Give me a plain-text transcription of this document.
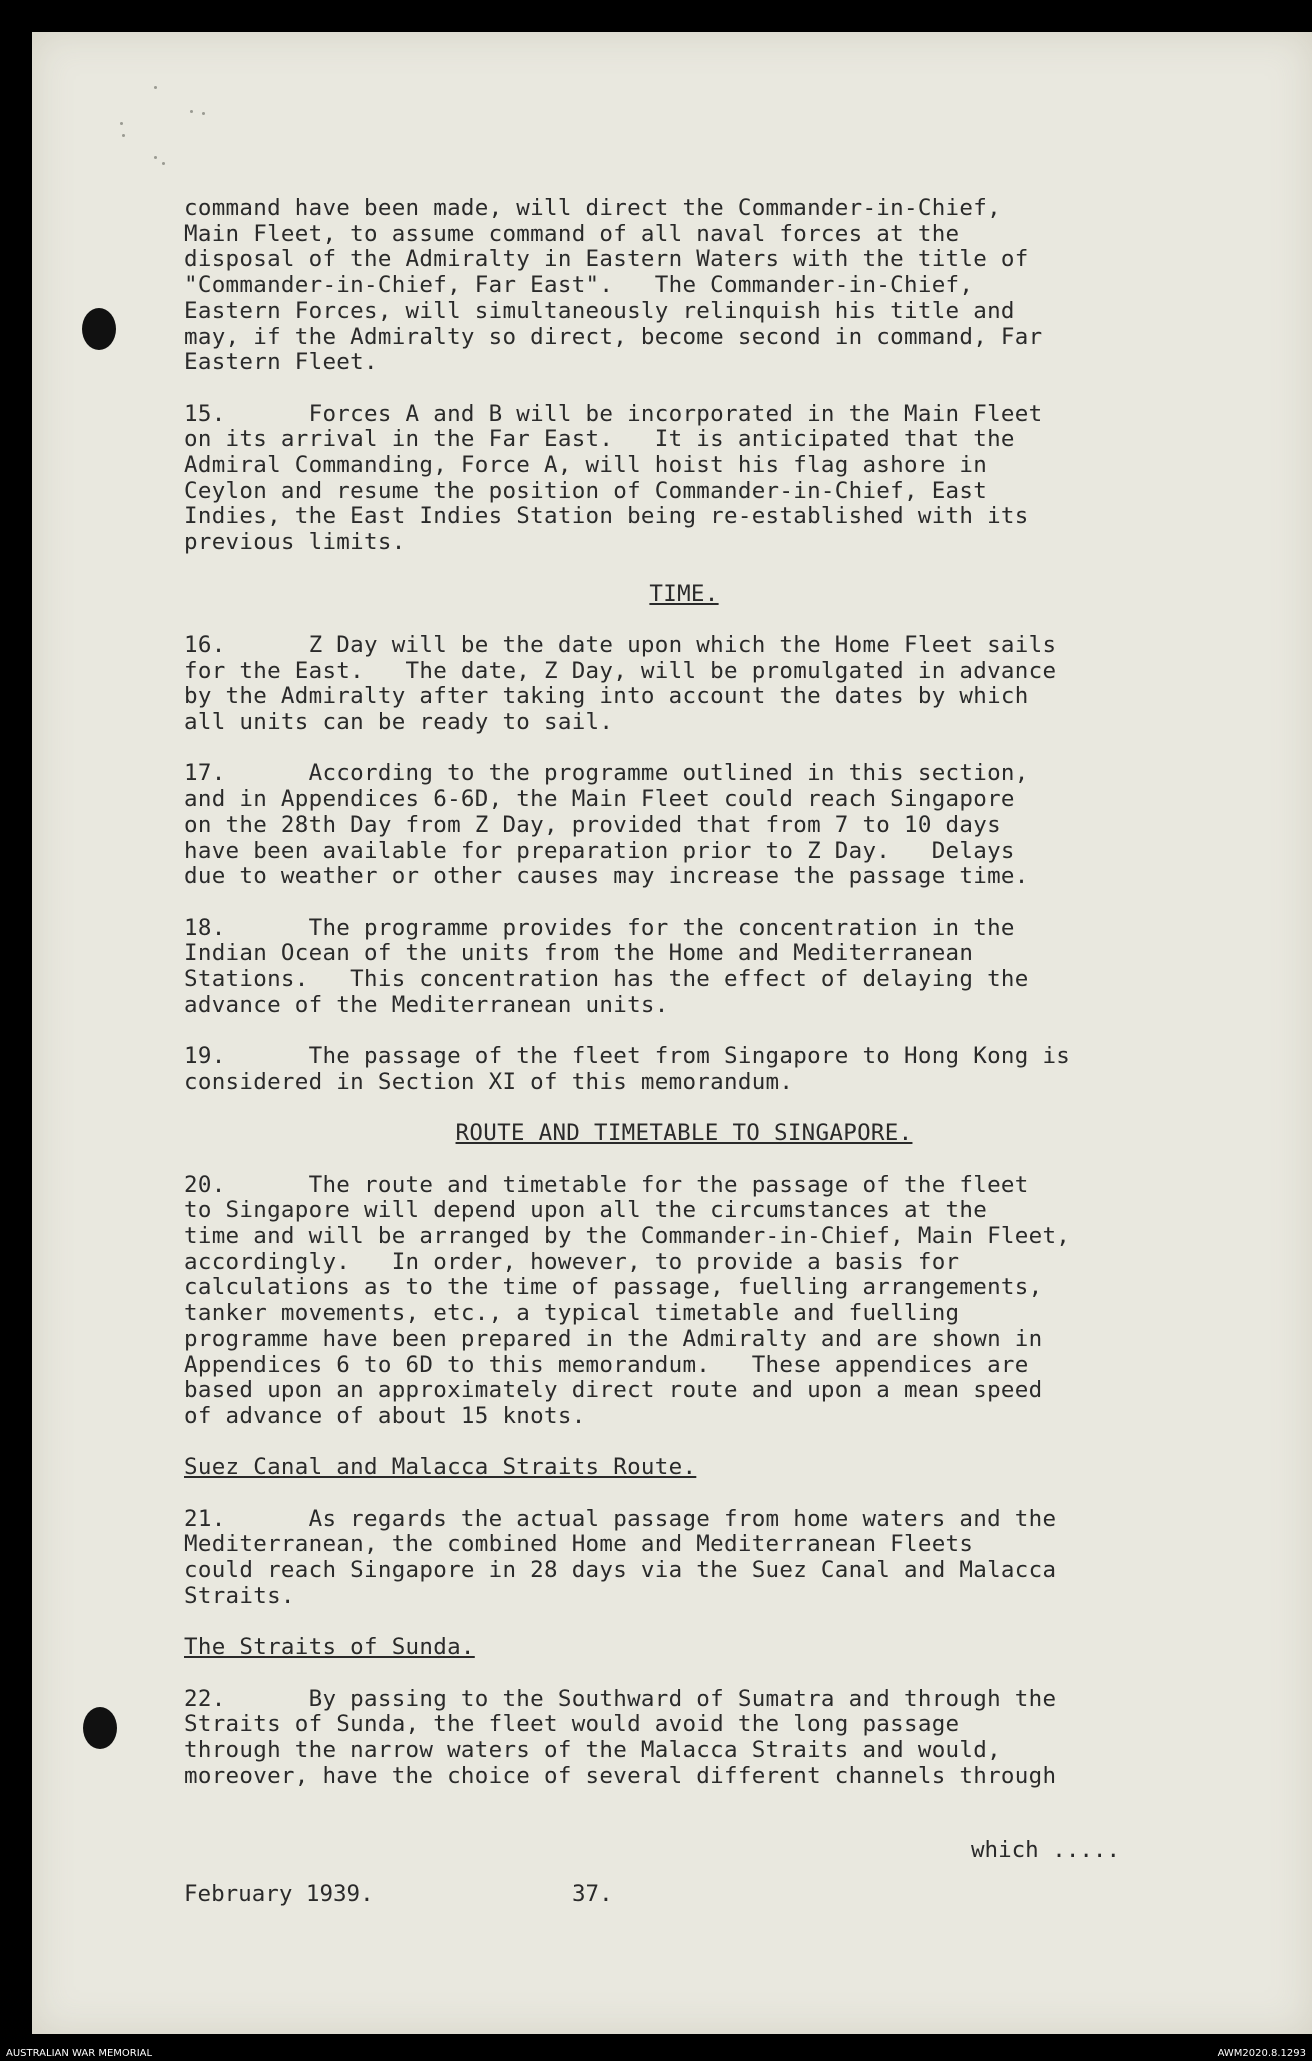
command have been made, will direct the Commander-in-Chief,
Main Fleet, to assume command of all naval forces at the
disposal of the Admiralty in Eastern Waters with the title of
"Commander-in-Chief, Far East".   The Commander-in-Chief,
Eastern Forces, will simultaneously relinquish his title and
may, if the Admiralty so direct, become second in command, Far
Eastern Fleet.
15.      Forces A and B will be incorporated in the Main Fleet
on its arrival in the Far East.   It is anticipated that the
Admiral Commanding, Force A, will hoist his flag ashore in
Ceylon and resume the position of Commander-in-Chief, East
Indies, the East Indies Station being re-established with its
previous limits.
TIME.
16.      Z Day will be the date upon which the Home Fleet sails
for the East.   The date, Z Day, will be promulgated in advance
by the Admiralty after taking into account the dates by which
all units can be ready to sail.
17.      According to the programme outlined in this section,
and in Appendices 6-6D, the Main Fleet could reach Singapore
on the 28th Day from Z Day, provided that from 7 to 10 days
have been available for preparation prior to Z Day.   Delays
due to weather or other causes may increase the passage time.
18.      The programme provides for the concentration in the
Indian Ocean of the units from the Home and Mediterranean
Stations.   This concentration has the effect of delaying the
advance of the Mediterranean units.
19.      The passage of the fleet from Singapore to Hong Kong is
considered in Section XI of this memorandum.
ROUTE AND TIMETABLE TO SINGAPORE.
20.      The route and timetable for the passage of the fleet
to Singapore will depend upon all the circumstances at the
time and will be arranged by the Commander-in-Chief, Main Fleet,
accordingly.   In order, however, to provide a basis for
calculations as to the time of passage, fuelling arrangements,
tanker movements, etc., a typical timetable and fuelling
programme have been prepared in the Admiralty and are shown in
Appendices 6 to 6D to this memorandum.   These appendices are
based upon an approximately direct route and upon a mean speed
of advance of about 15 knots.
Suez Canal and Malacca Straits Route.
21.      As regards the actual passage from home waters and the
Mediterranean, the combined Home and Mediterranean Fleets
could reach Singapore in 28 days via the Suez Canal and Malacca
Straits.
The Straits of Sunda.
22.      By passing to the Southward of Sumatra and through the
Straits of Sunda, the fleet would avoid the long passage
through the narrow waters of the Malacca Straits and would,
moreover, have the choice of several different channels through
which .....
February 1939.	37.
AUSTRALIAN WAR MEMORIAL	AWM2020.8.1293
